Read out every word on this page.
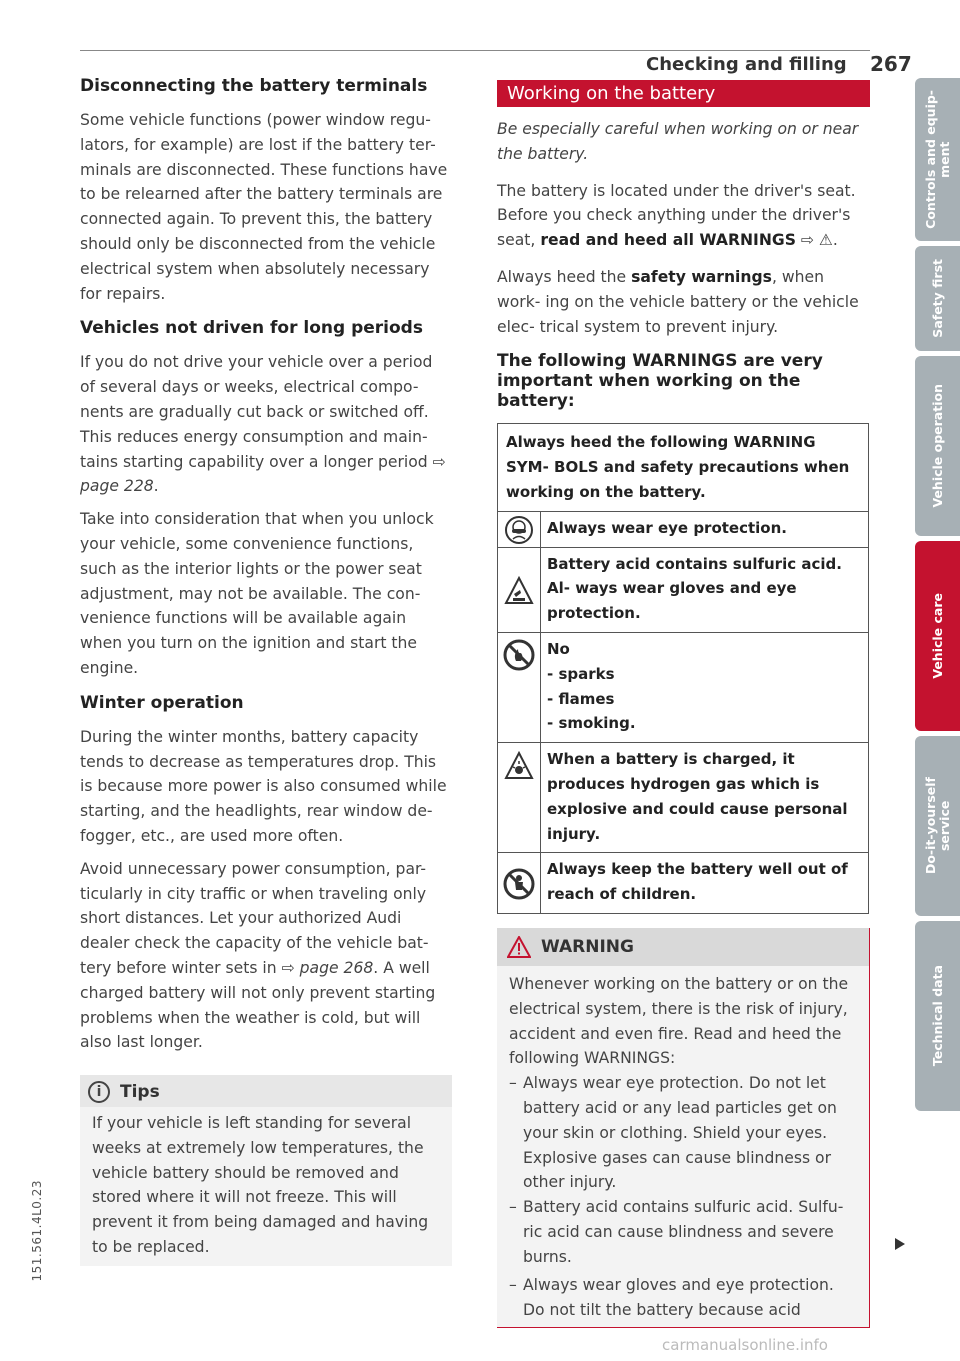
Checking and filling 267
Disconnecting the battery terminals

Some vehicle functions (power window regu- lators, for example) are lost if the battery ter- minals are disconnected. These functions have to be relearned after the battery terminals are connected again. To prevent this, the battery should only be disconnected from the vehicle electrical system when absolutely necessary for repairs.

Vehicles not driven for long periods

If you do not drive your vehicle over a period of several days or weeks, electrical compo- nents are gradually cut back or switched off. This reduces energy consumption and main- tains starting capability over a longer period ⇨ page 228.

Take into consideration that when you unlock your vehicle, some convenience functions, such as the interior lights or the power seat adjustment, may not be available. The con- venience functions will be available again when you turn on the ignition and start the engine.

Winter operation

During the winter months, battery capacity tends to decrease as temperatures drop. This is because more power is also consumed while starting, and the headlights, rear window de- fogger, etc., are used more often.

Avoid unnecessary power consumption, par- ticularly in city traffic or when traveling only short distances. Let your authorized Audi dealer check the capacity of the vehicle bat- tery before winter sets in ⇨ page 268. A well charged battery will not only prevent starting problems when the weather is cold, but will also last longer.

i	Tips

If your vehicle is left standing for several weeks at extremely low temperatures, the vehicle battery should be removed and stored where it will not freeze. This will prevent it from being damaged and having to be replaced.

Working on the battery

Be especially careful when working on or near the battery.

The battery is located under the driver's seat. Before you check anything under the driver's seat, read and heed all WARNINGS ⇨ ⚠.

Always heed the safety warnings, when work- ing on the vehicle battery or the vehicle elec- trical system to prevent injury.

The following WARNINGS are very important when working on the battery:
Always heed the following WARNING SYM- BOLS and safety precautions when working on the battery.
Always wear eye protection.
Battery acid contains sulfuric acid. Al- ways wear gloves and eye protection.
No
- sparks
- flames
- smoking.
When a battery is charged, it produces hydrogen gas which is explosive and could cause personal injury.
Always keep the battery well out of reach of children.
WARNING

Whenever working on the battery or on the electrical system, there is the risk of injury, accident and even fire. Read and heed the following WARNINGS:

– Always wear eye protection. Do not let battery acid or any lead particles get on your skin or clothing. Shield your eyes. Explosive gases can cause blindness or other injury.
– Battery acid contains sulfuric acid. Sulfu- ric acid can cause blindness and severe burns.
– Always wear gloves and eye protection. Do not tilt the battery because acid
Controls and equip-
ment
Safety first
Vehicle operation
Vehicle care
Do-it-yourself
service
Technical data
151.561.4L0.23
carmanualsonline.info
